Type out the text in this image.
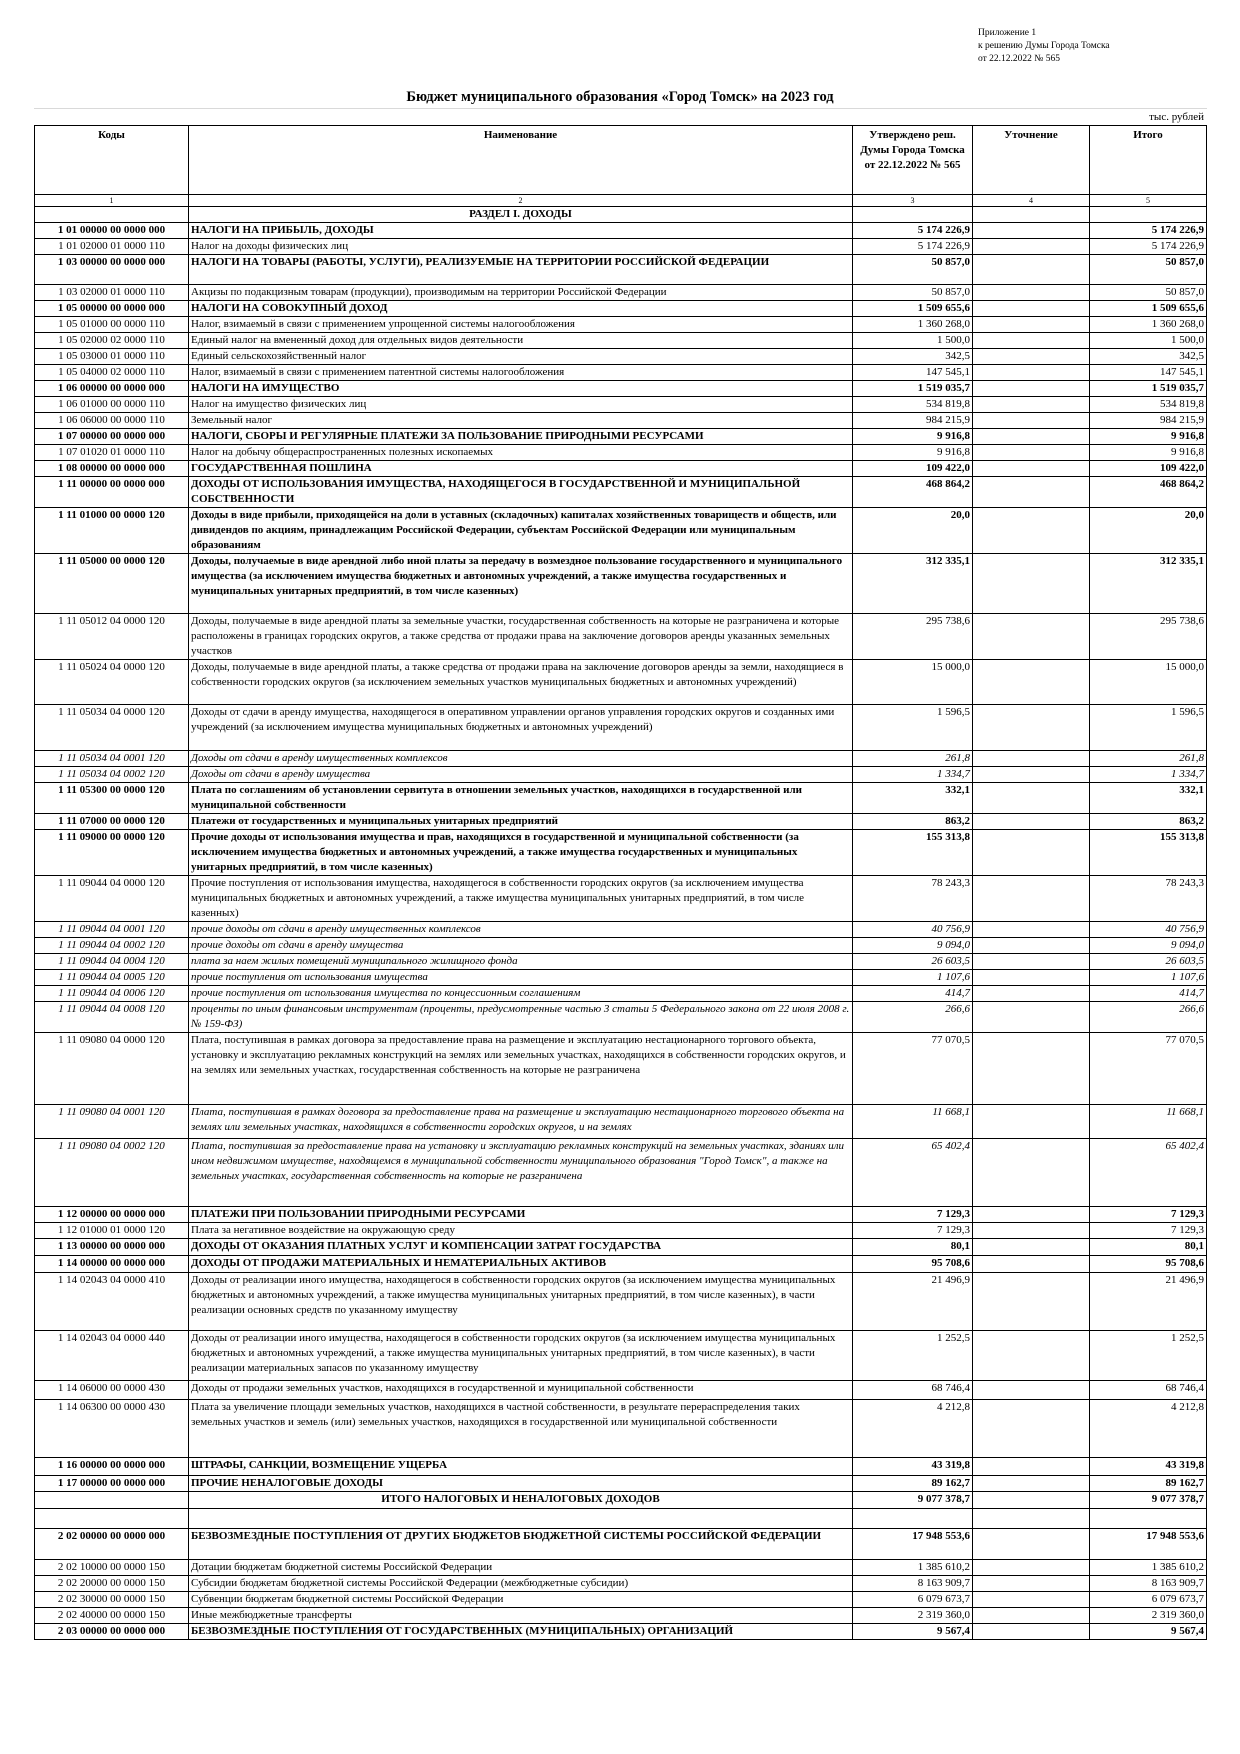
Приложение 1
к решению Думы Города Томска
от 22.12.2022 № 565
Бюджет муниципального образования «Город Томск» на 2023 год
тыс. рублей
Коды	Наименование	Утверждено реш. Думы Города Томска от 22.12.2022 № 565	Уточнение	Итого
1	2	3	4	5
	РАЗДЕЛ I. ДОХОДЫ			
1 01 00000 00 0000 000	НАЛОГИ НА ПРИБЫЛЬ, ДОХОДЫ	5 174 226,9		5 174 226,9
1 01 02000 01 0000 110	Налог на доходы физических лиц	5 174 226,9		5 174 226,9
1 03 00000 00 0000 000	НАЛОГИ НА ТОВАРЫ (РАБОТЫ, УСЛУГИ), РЕАЛИЗУЕМЫЕ НА ТЕРРИТОРИИ РОССИЙСКОЙ ФЕДЕРАЦИИ	50 857,0		50 857,0
1 03 02000 01 0000 110	Акцизы по подакцизным товарам (продукции), производимым на территории Российской Федерации	50 857,0		50 857,0
1 05 00000 00 0000 000	НАЛОГИ НА СОВОКУПНЫЙ ДОХОД	1 509 655,6		1 509 655,6
1 05 01000 00 0000 110	Налог, взимаемый в связи с применением упрощенной системы налогообложения	1 360 268,0		1 360 268,0
1 05 02000 02 0000 110	Единый налог на вмененный доход для отдельных видов деятельности	1 500,0		1 500,0
1 05 03000 01 0000 110	Единый сельскохозяйственный налог	342,5		342,5
1 05 04000 02 0000 110	Налог, взимаемый в связи с применением патентной системы налогообложения	147 545,1		147 545,1
1 06 00000 00 0000 000	НАЛОГИ НА ИМУЩЕСТВО	1 519 035,7		1 519 035,7
1 06 01000 00 0000 110	Налог на имущество физических лиц	534 819,8		534 819,8
1 06 06000 00 0000 110	Земельный налог	984 215,9		984 215,9
1 07 00000 00 0000 000	НАЛОГИ, СБОРЫ И РЕГУЛЯРНЫЕ ПЛАТЕЖИ ЗА ПОЛЬЗОВАНИЕ ПРИРОДНЫМИ РЕСУРСАМИ	9 916,8		9 916,8
1 07 01020 01 0000 110	Налог на добычу общераспространенных полезных ископаемых	9 916,8		9 916,8
1 08 00000 00 0000 000	ГОСУДАРСТВЕННАЯ ПОШЛИНА	109 422,0		109 422,0
1 11 00000 00 0000 000	ДОХОДЫ ОТ ИСПОЛЬЗОВАНИЯ ИМУЩЕСТВА, НАХОДЯЩЕГОСЯ В ГОСУДАРСТВЕННОЙ И МУНИЦИПАЛЬНОЙ СОБСТВЕННОСТИ	468 864,2		468 864,2
1 11 01000 00 0000 120	Доходы в виде прибыли, приходящейся на доли в уставных (складочных) капиталах хозяйственных товариществ и обществ, или дивидендов по акциям, принадлежащим Российской Федерации, субъектам Российской Федерации или муниципальным образованиям	20,0		20,0
1 11 05000 00 0000 120	Доходы, получаемые в виде арендной либо иной платы за передачу в возмездное пользование государственного и муниципального имущества (за исключением имущества бюджетных и автономных учреждений, а также имущества государственных и муниципальных унитарных предприятий, в том числе казенных)	312 335,1		312 335,1
1 11 05012 04 0000 120	Доходы, получаемые в виде арендной платы за земельные участки, государственная собственность на которые не разграничена и которые расположены в границах городских округов, а также средства от продажи права на заключение договоров аренды указанных земельных участков	295 738,6		295 738,6
1 11 05024 04 0000 120	Доходы, получаемые в виде арендной платы, а также средства от продажи права на заключение договоров аренды за земли, находящиеся в собственности городских округов (за исключением земельных участков муниципальных бюджетных и автономных учреждений)	15 000,0		15 000,0
1 11 05034 04 0000 120	Доходы от сдачи в аренду имущества, находящегося в оперативном управлении органов управления городских округов и созданных ими учреждений (за исключением имущества муниципальных бюджетных и автономных учреждений)	1 596,5		1 596,5
1 11 05034 04 0001 120	Доходы от сдачи в аренду имущественных комплексов	261,8		261,8
1 11 05034 04 0002 120	Доходы от сдачи в аренду имущества	1 334,7		1 334,7
1 11 05300 00 0000 120	Плата по соглашениям об установлении сервитута в отношении земельных участков, находящихся в государственной или муниципальной собственности	332,1		332,1
1 11 07000 00 0000 120	Платежи от государственных и муниципальных унитарных предприятий	863,2		863,2
1 11 09000 00 0000 120	Прочие доходы от использования имущества и прав, находящихся в государственной и муниципальной собственности (за исключением имущества бюджетных и автономных учреждений, а также имущества государственных и муниципальных унитарных предприятий, в том числе казенных)	155 313,8		155 313,8
1 11 09044 04 0000 120	Прочие поступления от использования имущества, находящегося в собственности городских округов (за исключением имущества муниципальных бюджетных и автономных учреждений, а также имущества муниципальных унитарных предприятий, в том числе казенных)	78 243,3		78 243,3
1 11 09044 04 0001 120	прочие доходы от сдачи в аренду имущественных комплексов	40 756,9		40 756,9
1 11 09044 04 0002 120	прочие доходы от сдачи в аренду имущества	9 094,0		9 094,0
1 11 09044 04 0004 120	плата за наем жилых помещений муниципального жилищного фонда	26 603,5		26 603,5
1 11 09044 04 0005 120	прочие поступления от использования имущества	1 107,6		1 107,6
1 11 09044 04 0006 120	прочие поступления от использования имущества по концессионным соглашениям	414,7		414,7
1 11 09044 04 0008 120	проценты по иным финансовым инструментам (проценты, предусмотренные частью 3 статьи 5 Федерального закона от 22 июля 2008 г. № 159-ФЗ)	266,6		266,6
1 11 09080 04 0000 120	Плата, поступившая в рамках договора за предоставление права на размещение и эксплуатацию нестационарного торгового объекта, установку и эксплуатацию рекламных конструкций на землях или земельных участках, находящихся в собственности городских округов, и на землях или земельных участках, государственная собственность на которые не разграничена	77 070,5		77 070,5
1 11 09080 04 0001 120	Плата, поступившая в рамках договора за предоставление права на размещение и эксплуатацию нестационарного торгового объекта на землях или земельных участках, находящихся в собственности городских округов, и на землях	11 668,1		11 668,1
1 11 09080 04 0002 120	Плата, поступившая за предоставление права на установку и эксплуатацию рекламных конструкций на земельных участках, зданиях или ином недвижимом имуществе, находящемся в муниципальной собственности муниципального образования "Город Томск", а также на земельных участках, государственная собственность на которые не разграничена	65 402,4		65 402,4
1 12 00000 00 0000 000	ПЛАТЕЖИ ПРИ ПОЛЬЗОВАНИИ ПРИРОДНЫМИ РЕСУРСАМИ	7 129,3		7 129,3
1 12 01000 01 0000 120	Плата за негативное воздействие на окружающую среду	7 129,3		7 129,3
1 13 00000 00 0000 000	ДОХОДЫ ОТ ОКАЗАНИЯ ПЛАТНЫХ УСЛУГ И КОМПЕНСАЦИИ ЗАТРАТ ГОСУДАРСТВА	80,1		80,1
1 14 00000 00 0000 000	ДОХОДЫ ОТ ПРОДАЖИ МАТЕРИАЛЬНЫХ И НЕМАТЕРИАЛЬНЫХ АКТИВОВ	95 708,6		95 708,6
1 14 02043 04 0000 410	Доходы от реализации иного имущества, находящегося в собственности городских округов (за исключением имущества муниципальных бюджетных и автономных учреждений, а также имущества муниципальных унитарных предприятий, в том числе казенных), в части реализации основных средств по указанному имуществу	21 496,9		21 496,9
1 14 02043 04 0000 440	Доходы от реализации иного имущества, находящегося в собственности городских округов (за исключением имущества муниципальных бюджетных и автономных учреждений, а также имущества муниципальных унитарных предприятий, в том числе казенных), в части реализации материальных запасов по указанному имуществу	1 252,5		1 252,5
1 14 06000 00 0000 430	Доходы от продажи земельных участков, находящихся в государственной и муниципальной собственности	68 746,4		68 746,4
1 14 06300 00 0000 430	Плата за увеличение площади земельных участков, находящихся в частной собственности, в результате перераспределения таких земельных участков и земель (или) земельных участков, находящихся в государственной или муниципальной собственности	4 212,8		4 212,8
1 16 00000 00 0000 000	ШТРАФЫ, САНКЦИИ, ВОЗМЕЩЕНИЕ УЩЕРБА	43 319,8		43 319,8
1 17 00000 00 0000 000	ПРОЧИЕ НЕНАЛОГОВЫЕ ДОХОДЫ	89 162,7		89 162,7
	ИТОГО НАЛОГОВЫХ И НЕНАЛОГОВЫХ ДОХОДОВ	9 077 378,7		9 077 378,7

2 02 00000 00 0000 000	БЕЗВОЗМЕЗДНЫЕ ПОСТУПЛЕНИЯ ОТ ДРУГИХ БЮДЖЕТОВ БЮДЖЕТНОЙ СИСТЕМЫ РОССИЙСКОЙ ФЕДЕРАЦИИ	17 948 553,6		17 948 553,6
2 02 10000 00 0000 150	Дотации бюджетам бюджетной системы Российской Федерации	1 385 610,2		1 385 610,2
2 02 20000 00 0000 150	Субсидии бюджетам бюджетной системы Российской Федерации (межбюджетные субсидии)	8 163 909,7		8 163 909,7
2 02 30000 00 0000 150	Субвенции бюджетам бюджетной системы Российской Федерации	6 079 673,7		6 079 673,7
2 02 40000 00 0000 150	Иные межбюджетные трансферты	2 319 360,0		2 319 360,0
2 03 00000 00 0000 000	БЕЗВОЗМЕЗДНЫЕ ПОСТУПЛЕНИЯ ОТ ГОСУДАРСТВЕННЫХ (МУНИЦИПАЛЬНЫХ) ОРГАНИЗАЦИЙ	9 567,4		9 567,4
